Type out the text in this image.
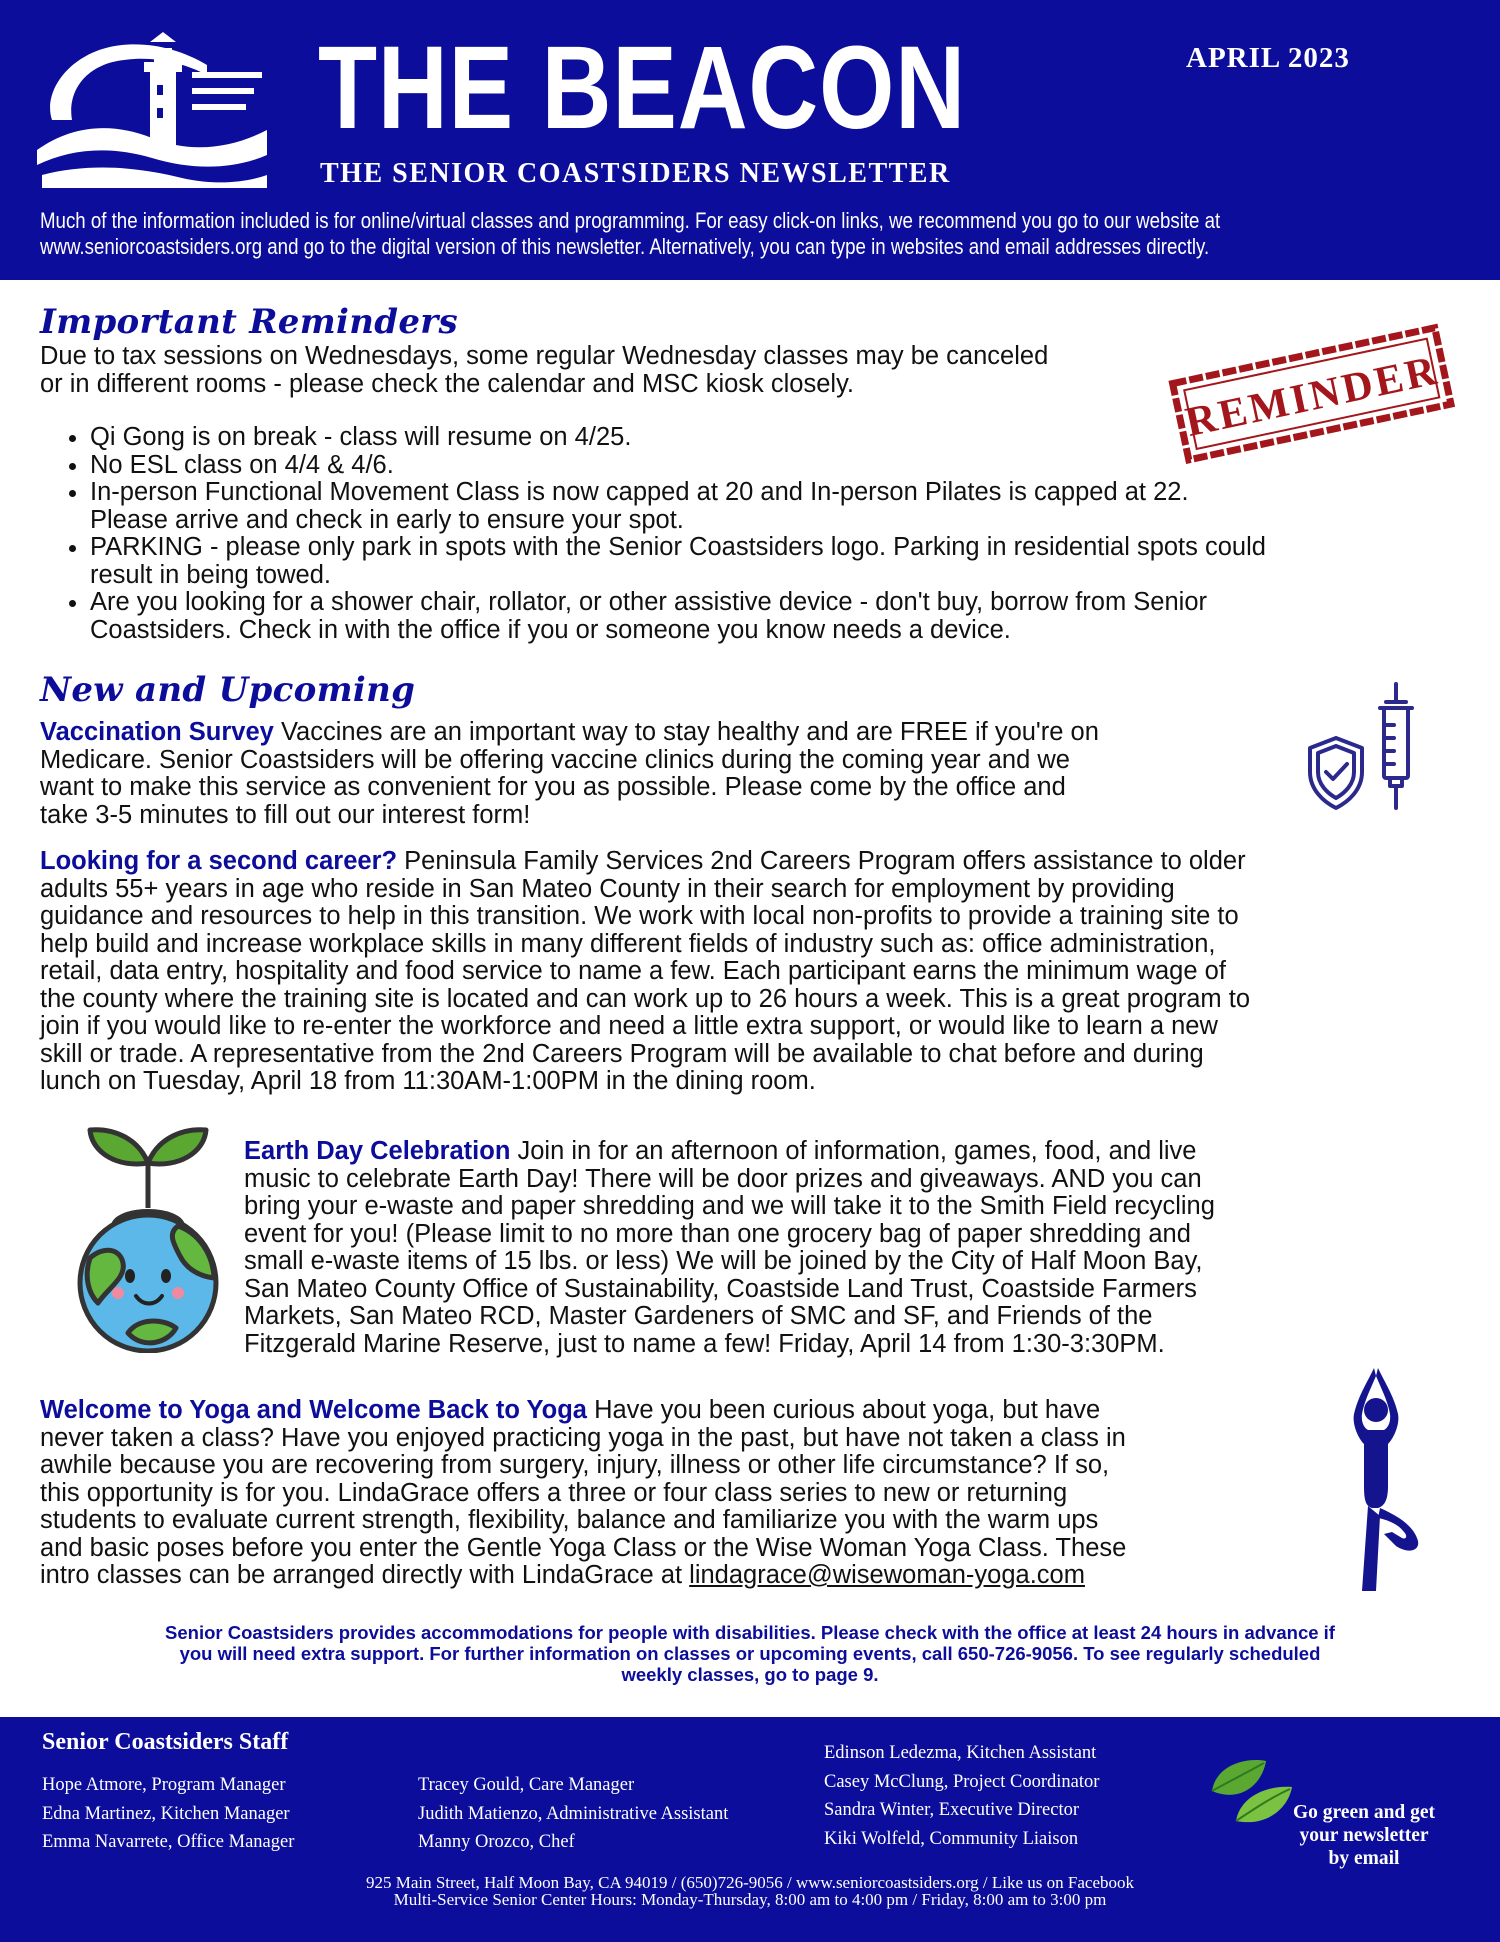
THE BEACON
THE SENIOR COASTSIDERS NEWSLETTER
APRIL 2023
Much of the information included is for online/virtual classes and programming. For easy click-on links, we recommend you go to our website at
www.seniorcoastsiders.org and go to the digital version of this newsletter. Alternatively, you can type in websites and email addresses directly.
Important Reminders
Due to tax sessions on Wednesdays, some regular Wednesday classes may be canceled
or in different rooms - please check the calendar and MSC kiosk closely.	REMINDER
• Qi Gong is on break - class will resume on 4/25.
• No ESL class on 4/4 & 4/6.
• In-person Functional Movement Class is now capped at 20 and In-person Pilates is capped at 22.
Please arrive and check in early to ensure your spot.
• PARKING - please only park in spots with the Senior Coastsiders logo. Parking in residential spots could
result in being towed.
• Are you looking for a shower chair, rollator, or other assistive device - don't buy, borrow from Senior
Coastsiders. Check in with the office if you or someone you know needs a device.
New and Upcoming
Vaccination Survey Vaccines are an important way to stay healthy and are FREE if you're on
Medicare. Senior Coastsiders will be offering vaccine clinics during the coming year and we
want to make this service as convenient for you as possible. Please come by the office and
take 3-5 minutes to fill out our interest form!
Looking for a second career? Peninsula Family Services 2nd Careers Program offers assistance to older
adults 55+ years in age who reside in San Mateo County in their search for employment by providing
guidance and resources to help in this transition. We work with local non-profits to provide a training site to
help build and increase workplace skills in many different fields of industry such as: office administration,
retail, data entry, hospitality and food service to name a few. Each participant earns the minimum wage of
the county where the training site is located and can work up to 26 hours a week. This is a great program to
join if you would like to re-enter the workforce and need a little extra support, or would like to learn a new
skill or trade. A representative from the 2nd Careers Program will be available to chat before and during
lunch on Tuesday, April 18 from 11:30AM-1:00PM in the dining room.
Earth Day Celebration Join in for an afternoon of information, games, food, and live
music to celebrate Earth Day! There will be door prizes and giveaways. AND you can
bring your e-waste and paper shredding and we will take it to the Smith Field recycling
event for you! (Please limit to no more than one grocery bag of paper shredding and
small e-waste items of 15 lbs. or less) We will be joined by the City of Half Moon Bay,
San Mateo County Office of Sustainability, Coastside Land Trust, Coastside Farmers
Markets, San Mateo RCD, Master Gardeners of SMC and SF, and Friends of the
Fitzgerald Marine Reserve, just to name a few! Friday, April 14 from 1:30-3:30PM.
Welcome to Yoga and Welcome Back to Yoga Have you been curious about yoga, but have
never taken a class? Have you enjoyed practicing yoga in the past, but have not taken a class in
awhile because you are recovering from surgery, injury, illness or other life circumstance? If so,
this opportunity is for you. LindaGrace offers a three or four class series to new or returning
students to evaluate current strength, flexibility, balance and familiarize you with the warm ups
and basic poses before you enter the Gentle Yoga Class or the Wise Woman Yoga Class. These
intro classes can be arranged directly with LindaGrace at lindagrace@wisewoman-yoga.com
Senior Coastsiders provides accommodations for people with disabilities. Please check with the office at least 24 hours in advance if
you will need extra support. For further information on classes or upcoming events, call 650-726-9056. To see regularly scheduled
weekly classes, go to page 9.
Senior Coastsiders Staff
Hope Atmore, Program Manager
Edna Martinez, Kitchen Manager
Emma Navarrete, Office Manager
Tracey Gould, Care Manager
Judith Matienzo, Administrative Assistant
Manny Orozco, Chef
Edinson Ledezma, Kitchen Assistant
Casey McClung, Project Coordinator
Sandra Winter, Executive Director
Kiki Wolfeld, Community Liaison
Go green and get
your newsletter
by email
925 Main Street, Half Moon Bay, CA 94019 / (650)726-9056 / www.seniorcoastsiders.org / Like us on Facebook
Multi-Service Senior Center Hours: Monday-Thursday, 8:00 am to 4:00 pm / Friday, 8:00 am to 3:00 pm
